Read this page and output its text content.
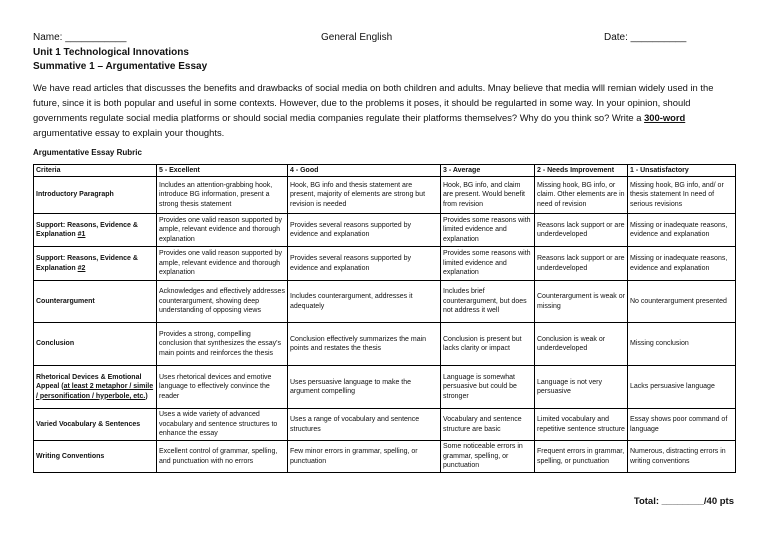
Name: ___________	General English	Date: __________
Unit 1 Technological Innovations
Summative 1 – Argumentative Essay
We have read articles that discusses the benefits and drawbacks of social media on both children and adults. Mnay believe that media wlll remian widely used in the future, since it is both popular and useful in some contexts. However, due to the problems it poses, it should be regularted in some way. In your opinion, should governments regulate social media platforms or should social media companies regulate their platforms themselves? Why do you think so? Write a 300-word argumentative essay to explain your thoughts.
Argumentative Essay Rubric
Criteria	5 - Excellent	4 - Good	3 - Average	2 - Needs Improvement	1 - Unsatisfactory
Introductory Paragraph	Includes an attention-grabbing hook, introduce BG information, present a strong thesis statement	Hook, BG info and thesis statement are present, majority of elements are strong but revision is needed	Hook, BG info, and claim are present. Would benefit from revision	Missing hook, BG info, or claim. Other elements are in need of revision	Missing hook, BG info, and/ or thesis statement In need of serious revisions
Support: Reasons, Evidence & Explanation #1	Provides one valid reason supported by ample, relevant evidence and thorough explanation	Provides several reasons supported by evidence and explanation	Provides some reasons with limited evidence and explanation	Reasons lack support or are underdeveloped	Missing or inadequate reasons, evidence and explanation
Support: Reasons, Evidence & Explanation #2	Provides one valid reason supported by ample, relevant evidence and thorough explanation	Provides several reasons supported by evidence and explanation	Provides some reasons with limited evidence and explanation	Reasons lack support or are underdeveloped	Missing or inadequate reasons, evidence and explanation
Counterargument	Acknowledges and effectively addresses counterargument, showing deep understanding of opposing views	Includes counterargument, addresses it adequately	Includes brief counterargument, but does not address it well	Counterargument is weak or missing	No counterargument presented
Conclusion	Provides a strong, compelling conclusion that synthesizes the essay's main points and reinforces the thesis	Conclusion effectively summarizes the main points and restates the thesis	Conclusion is present but lacks clarity or impact	Conclusion is weak or underdeveloped	Missing conclusion
Rhetorical Devices & Emotional Appeal (at least 2 metaphor / simile / personification / hyperbole, etc.)	Uses rhetorical devices and emotive language to effectively convince the reader	Uses persuasive language to make the argument compelling	Language is somewhat persuasive but could be stronger	Language is not very persuasive	Lacks persuasive language
Varied Vocabulary & Sentences	Uses a wide variety of advanced vocabulary and sentence structures to enhance the essay	Uses a range of vocabulary and sentence structures	Vocabulary and sentence structure are basic	Limited vocabulary and repetitive sentence structure	Essay shows poor command of language
Writing Conventions	Excellent control of grammar, spelling, and punctuation with no errors	Few minor errors in grammar, spelling, or punctuation	Some noticeable errors in grammar, spelling, or punctuation	Frequent errors in grammar, spelling, or punctuation	Numerous, distracting errors in writing conventions
Total: ________/40 pts
